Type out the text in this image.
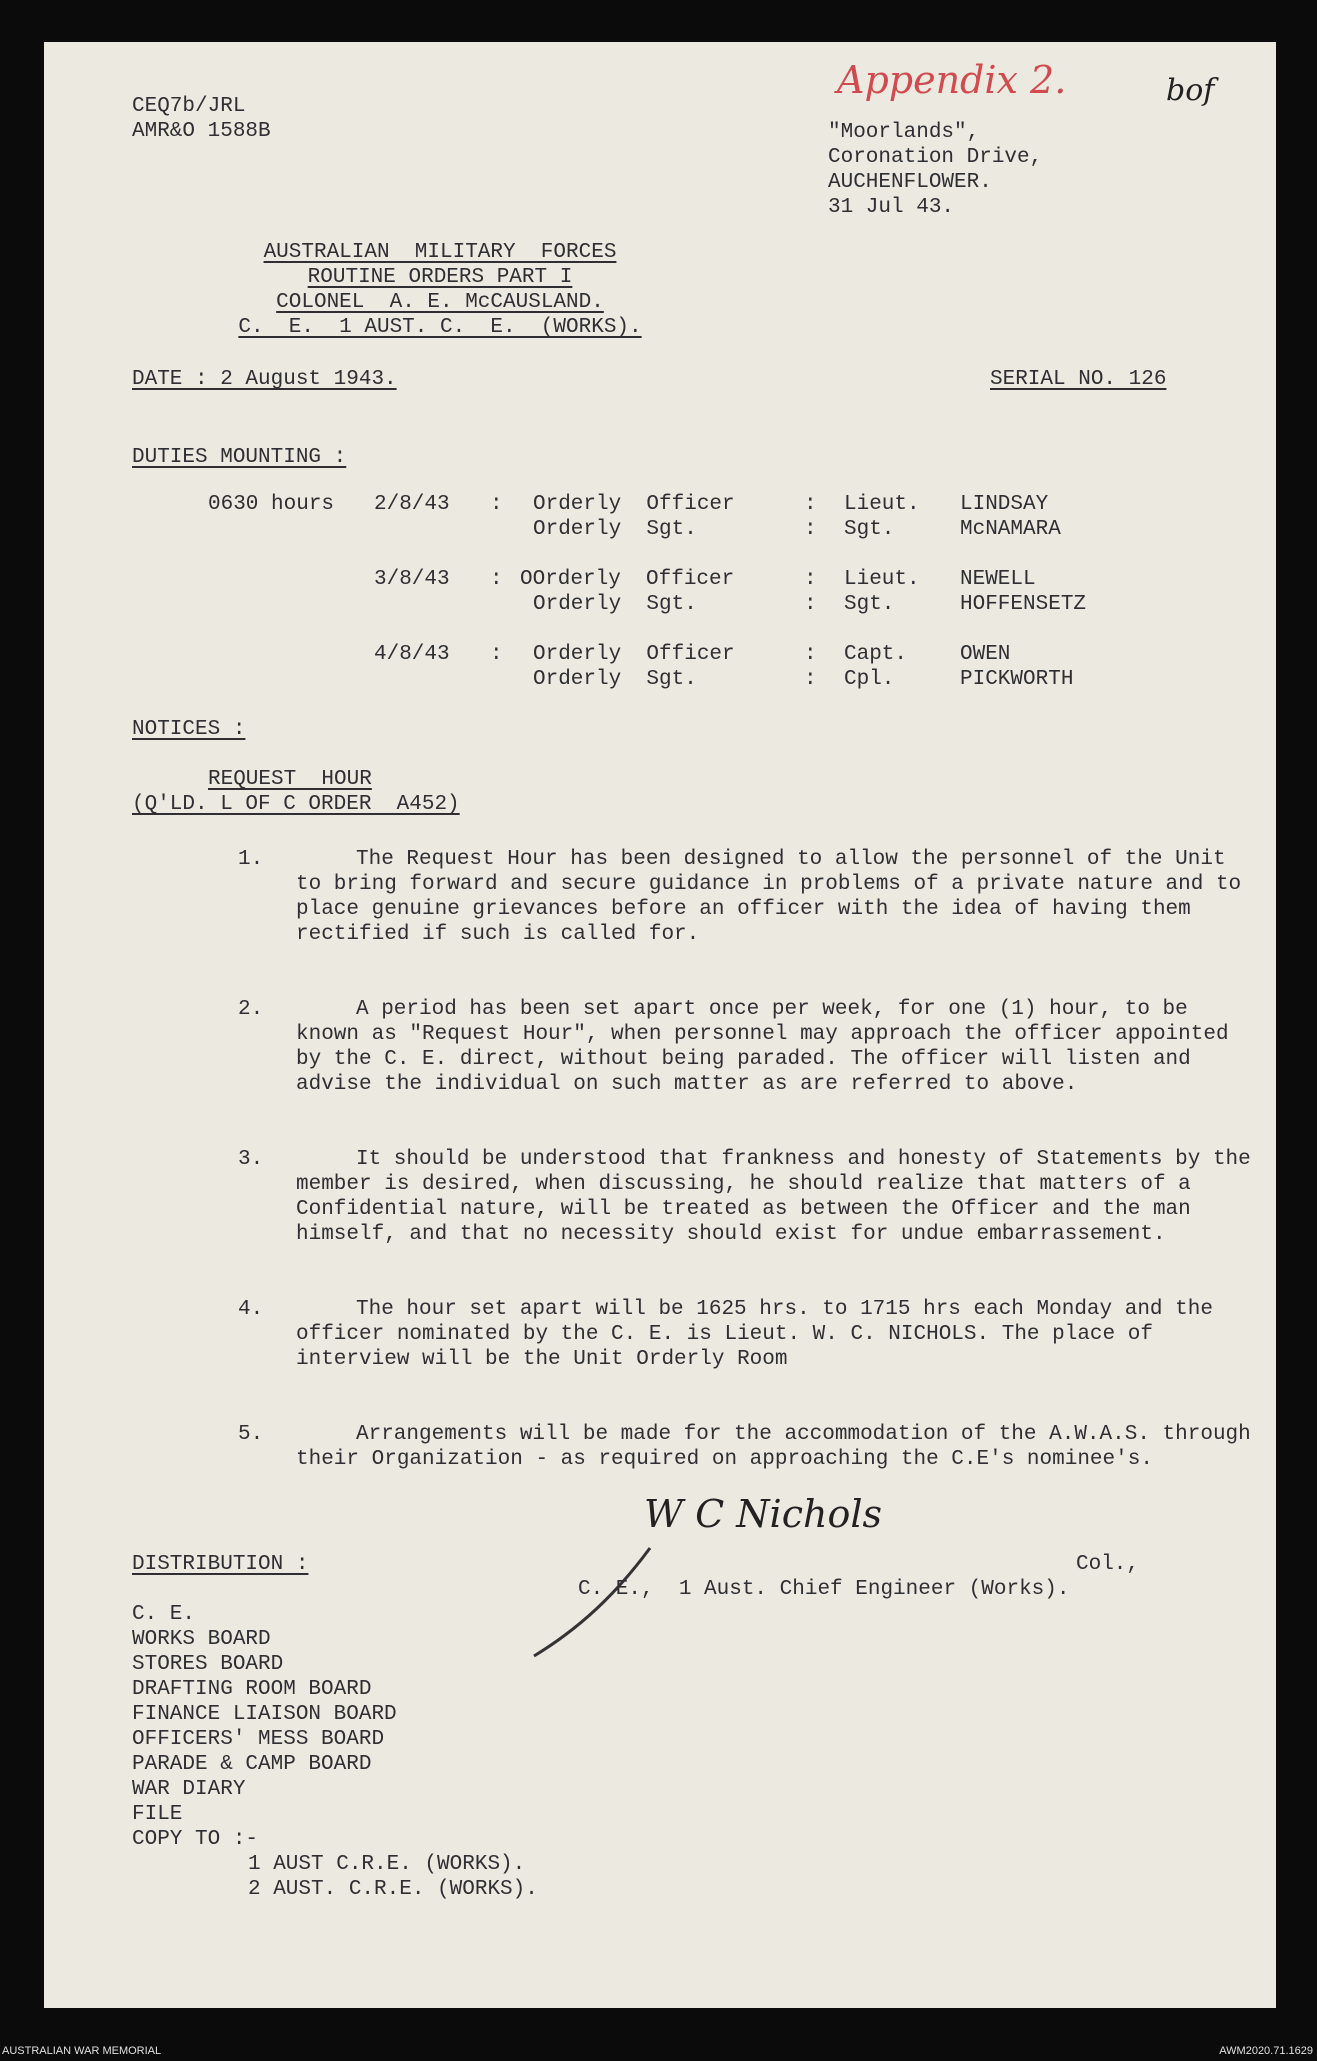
CEQ7b/JRL
AMR&O 1588B
Appendix 2.	bof
"Moorlands",
Coronation Drive,
AUCHENFLOWER.
31 Jul 43.
AUSTRALIAN  MILITARY  FORCES
ROUTINE ORDERS PART I
COLONEL  A. E. McCAUSLAND.
C.  E.  1 AUST. C.  E.  (WORKS).
DATE : 2 August 1943.	SERIAL NO. 126
DUTIES MOUNTING :
0630 hours 2/8/43 : Orderly  Officer	: Lieut. LINDSAY
Orderly  Sgt.	: Sgt.	McNAMARA
3/8/43 : OOrderly  Officer	: Lieut. NEWELL
Orderly  Sgt.	: Sgt.	HOFFENSETZ
4/8/43 : Orderly  Officer	: Capt.	OWEN
Orderly  Sgt.	: Cpl.	PICKWORTH
NOTICES :
REQUEST  HOUR
(Q'LD. L OF C ORDER  A452)
1.	The Request Hour has been designed to allow the personnel of the Unit to bring forward and secure guidance in problems of a private nature and to place genuine grievances before an officer with the idea of having them rectified if such is called for.
2.	A period has been set apart once per week, for one (1) hour, to be known as "Request Hour", when personnel may approach the officer appointed by the C. E. direct, without being paraded. The officer will listen and advise the individual on such matter as are referred to above.
3.	It should be understood that frankness and honesty of Statements by the member is desired, when discussing, he should realize that matters of a Confidential nature, will be treated as between the Officer and the man himself, and that no necessity should exist for undue embarrassement.
4.	The hour set apart will be 1625 hrs. to 1715 hrs each Monday and the officer nominated by the C. E. is Lieut. W. C. NICHOLS. The place of interview will be the Unit Orderly Room
5.	Arrangements will be made for the accommodation of the A.W.A.S. through their Organization - as required on approaching the C.E's nominee's.
W C Nichols
Col.,
C. E.,  1 Aust. Chief Engineer (Works).
DISTRIBUTION :
C. E.
WORKS BOARD
STORES BOARD
DRAFTING ROOM BOARD
FINANCE LIAISON BOARD
OFFICERS' MESS BOARD
PARADE & CAMP BOARD
WAR DIARY
FILE
COPY TO :-
1 AUST C.R.E. (WORKS).
2 AUST. C.R.E. (WORKS).
AUSTRALIAN WAR MEMORIAL	AWM2020.71.1629
